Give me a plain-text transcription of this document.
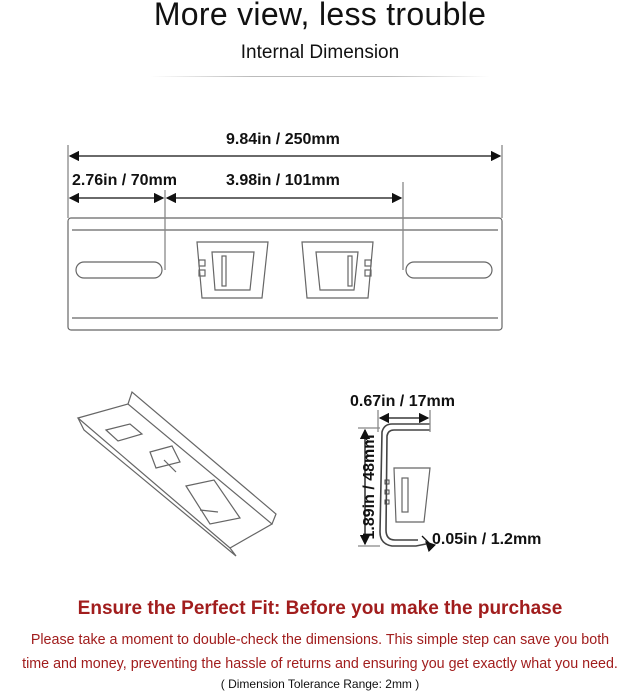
More view, less trouble
Internal Dimension
9.84in / 250mm
2.76in / 70mm	3.98in / 101mm
0.67in / 17mm
1.89in / 48mm
0.05in / 1.2mm
Ensure the Perfect Fit: Before you make the purchase
Please take a moment to double-check the dimensions. This simple step can save you both
time and money, preventing the hassle of returns and ensuring you get exactly what you need.
( Dimension Tolerance Range: 2mm )
